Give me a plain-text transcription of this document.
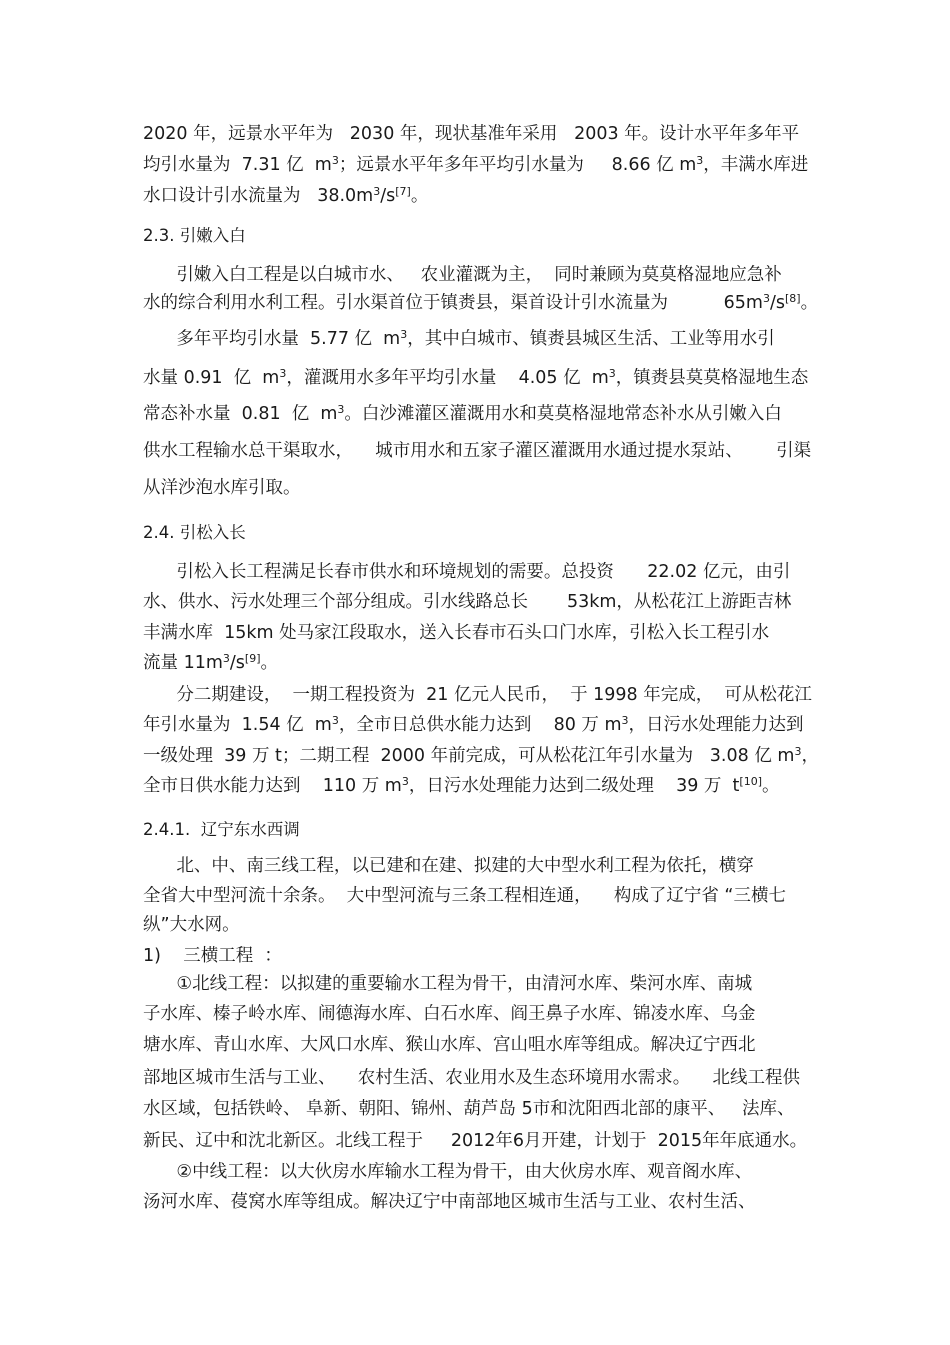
2020 年，远景水平年为   2030 年，现状基准年采用   2003 年。设计水平年多年平
均引水量为  7.31 亿  $m^3$；远景水平年多年平均引水量为     8.66 亿 $m^3$，丰满水库进
水口设计引水流量为   $38.0m^3/s[7]$。
2.3. 引嫩入白
引嫩入白工程是以白城市水、   农业灌溉为主，  同时兼顾为莫莫格湿地应急补
水的综合利用水利工程。引水渠首位于镇赉县，渠首设计引水流量为          $65m^3/s[8]$。
多年平均引水量  5.77 亿  $m^3$，其中白城市、镇赉县城区生活、工业等用水引
水量 0.91  亿  $m^3$，灌溉用水多年平均引水量    4.05 亿  $m^3$，镇赉县莫莫格湿地生态
常态补水量  0.81  亿  $m^3$。白沙滩灌区灌溉用水和莫莫格湿地常态补水从引嫩入白
供水工程输水总干渠取水，    城市用水和五家子灌区灌溉用水通过提水泵站、      引渠
从洋沙泡水库引取。
2.4. 引松入长
引松入长工程满足长春市供水和环境规划的需要。总投资      22.02 亿元，由引
水、供水、污水处理三个部分组成。引水线路总长       53km，从松花江上游距吉林
丰满水库  15km 处马家江段取水，送入长春市石头口门水库，引松入长工程引水
流量 $11m^3/s[9]$。
分二期建设，  一期工程投资为  21 亿元人民币，  于 1998 年完成，  可从松花江
年引水量为  1.54 亿  $m^3$，全市日总供水能力达到    80 万 $m^3$，日污水处理能力达到
一级处理  39 万 t；二期工程  2000 年前完成，可从松花江年引水量为   3.08 亿 $m^3$，
全市日供水能力达到    110 万 $m^3$，日污水处理能力达到二级处理    39 万  t[10]。
2.4.1.  辽宁东水西调
北、中、南三线工程，以已建和在建、拟建的大中型水利工程为依托，横穿
全省大中型河流十余条。  大中型河流与三条工程相连通，    构成了辽宁省 “三横七
纵”大水网。
1)    三横工程  ：
①北线工程：以拟建的重要输水工程为骨干，由清河水库、柴河水库、南城
子水库、榛子岭水库、闹德海水库、白石水库、阎王鼻子水库、锦凌水库、乌金
塘水库、青山水库、大风口水库、猴山水库、宫山咀水库等组成。解决辽宁西北
部地区城市生活与工业、    农村生活、农业用水及生态环境用水需求。    北线工程供
水区域，包括铁岭、 阜新、朝阳、锦州、葫芦岛 5市和沈阳西北部的康平、   法库、
新民、辽中和沈北新区。北线工程于     2012年6月开建，计划于  2015年年底通水。
②中线工程：以大伙房水库输水工程为骨干，由大伙房水库、观音阁水库、
汤河水库、葠窝水库等组成。解决辽宁中南部地区城市生活与工业、农村生活、
